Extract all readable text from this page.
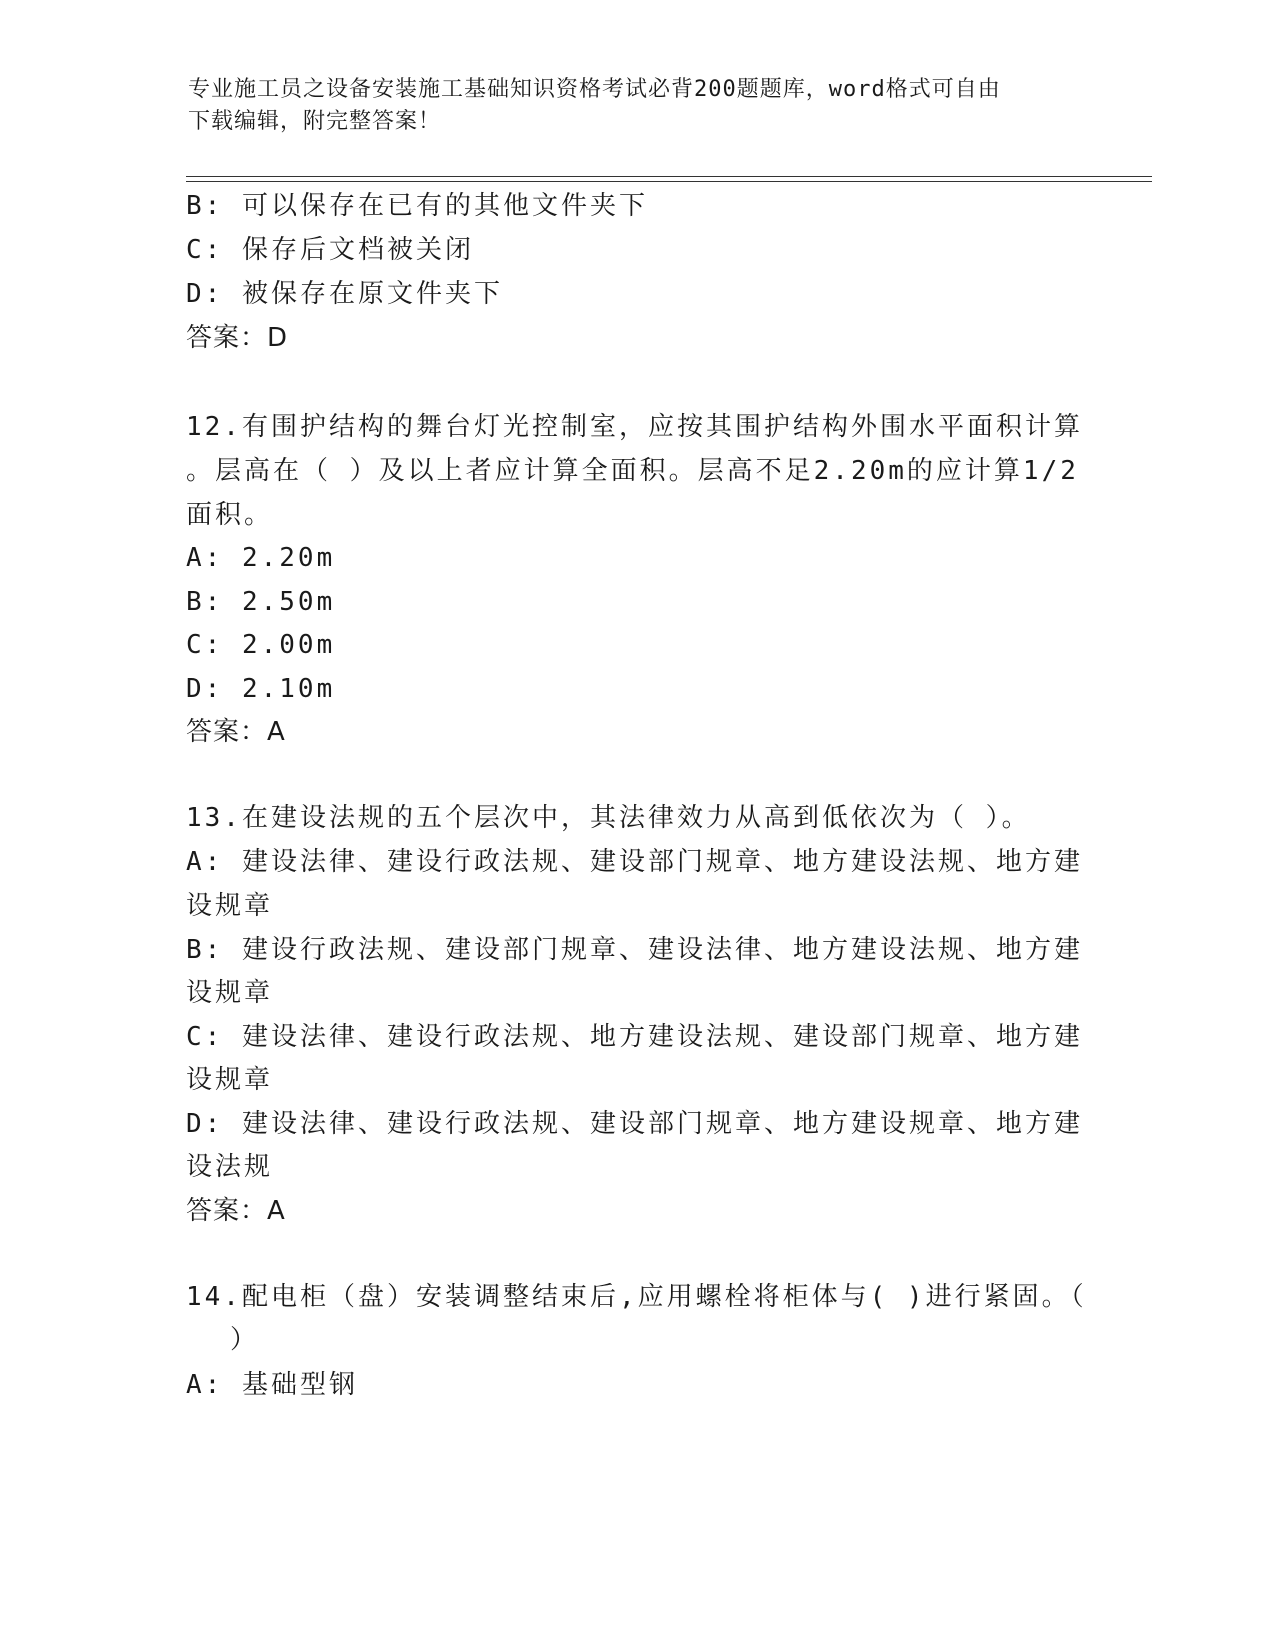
专业施工员之设备安装施工基础知识资格考试必背200题题库，word格式可自由
下载编辑，附完整答案！
B: 可以保存在已有的其他文件夹下
C: 保存后文档被关闭
D: 被保存在原文件夹下
答案：D
12.有围护结构的舞台灯光控制室，应按其围护结构外围水平面积计算
。层高在（ ）及以上者应计算全面积。层高不足2.20m的应计算1/2
面积。
A: 2.20m
B: 2.50m
C: 2.00m
D: 2.10m
答案：A
13.在建设法规的五个层次中，其法律效力从高到低依次为（ ）。
A: 建设法律、建设行政法规、建设部门规章、地方建设法规、地方建
设规章
B: 建设行政法规、建设部门规章、建设法律、地方建设法规、地方建
设规章
C: 建设法律、建设行政法规、地方建设法规、建设部门规章、地方建
设规章
D: 建设法律、建设行政法规、建设部门规章、地方建设规章、地方建
设法规
答案：A
14.配电柜（盘）安装调整结束后,应用螺栓将柜体与( )进行紧固。（
）
A: 基础型钢
